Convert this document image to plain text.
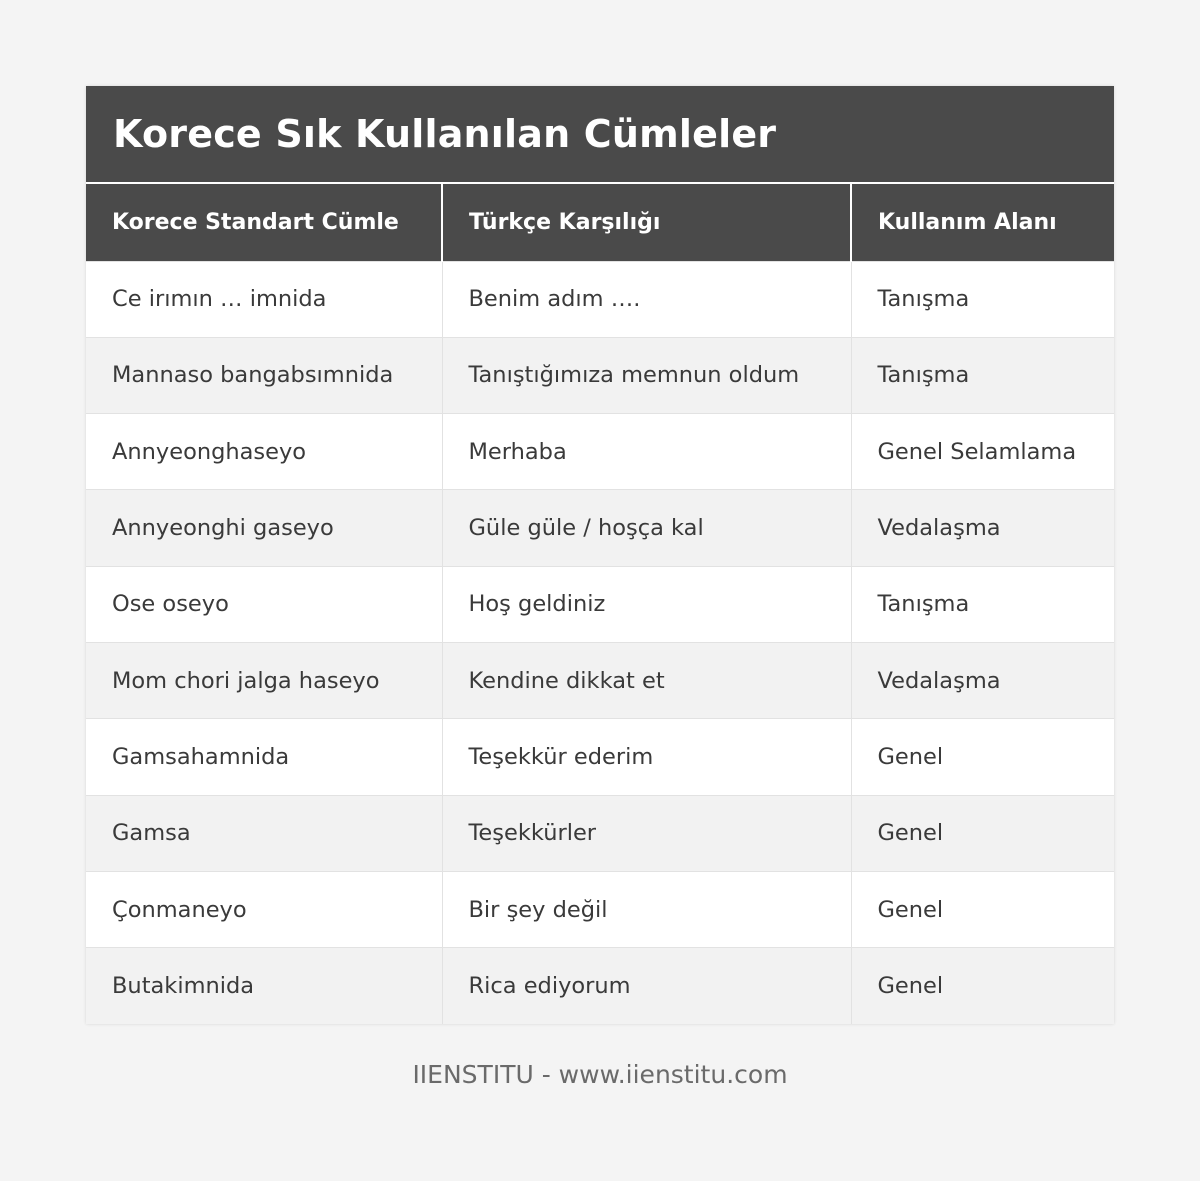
Korece Sık Kullanılan Cümleler
Korece Standart Cümle	Türkçe Karşılığı	Kullanım Alanı
Ce irımın … imnida	Benim adım ….	Tanışma
Mannaso bangabsımnida	Tanıştığımıza memnun oldum	Tanışma
Annyeonghaseyo	Merhaba	Genel Selamlama
Annyeonghi gaseyo	Güle güle / hoşça kal	Vedalaşma
Ose oseyo	Hoş geldiniz	Tanışma
Mom chori jalga haseyo	Kendine dikkat et	Vedalaşma
Gamsahamnida	Teşekkür ederim	Genel
Gamsa	Teşekkürler	Genel
Çonmaneyo	Bir şey değil	Genel
Butakimnida	Rica ediyorum	Genel
IIENSTITU - www.iienstitu.com
